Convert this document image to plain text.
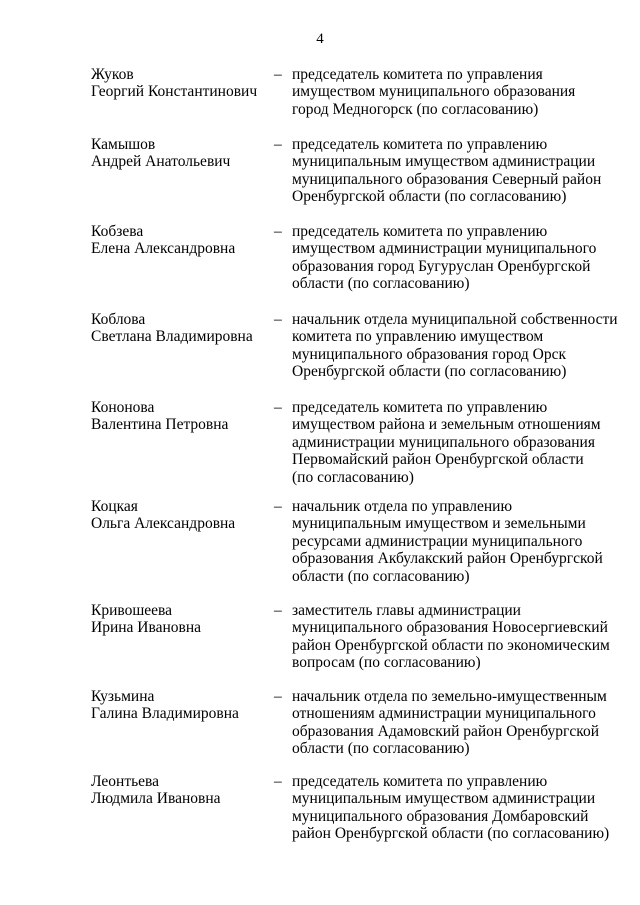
4
Жуков
Георгий Константинович
– председатель комитета по управления
имуществом муниципального образования
город Медногорск (по согласованию)
Камышов
Андрей Анатольевич
– председатель комитета по управлению
муниципальным имуществом администрации
муниципального образования Северный район
Оренбургской области (по согласованию)
Кобзева
Елена Александровна
– председатель комитета по управлению
имуществом администрации муниципального
образования город Бугуруслан Оренбургской
области (по согласованию)
Коблова
Светлана Владимировна
– начальник отдела муниципальной собственности
комитета по управлению имуществом
муниципального образования город Орск
Оренбургской области (по согласованию)
Кононова
Валентина Петровна
– председатель комитета по управлению
имуществом района и земельным отношениям
администрации муниципального образования
Первомайский район Оренбургской области
(по согласованию)
Коцкая
Ольга Александровна
– начальник отдела по управлению
муниципальным имуществом и земельными
ресурсами администрации муниципального
образования Акбулакский район Оренбургской
области (по согласованию)
Кривошеева
Ирина Ивановна
– заместитель главы администрации
муниципального образования Новосергиевский
район Оренбургской области по экономическим
вопросам (по согласованию)
Кузьмина
Галина Владимировна
– начальник отдела по земельно-имущественным
отношениям администрации муниципального
образования Адамовский район Оренбургской
области (по согласованию)
Леонтьева
Людмила Ивановна
– председатель комитета по управлению
муниципальным имуществом администрации
муниципального образования Домбаровский
район Оренбургской области (по согласованию)
